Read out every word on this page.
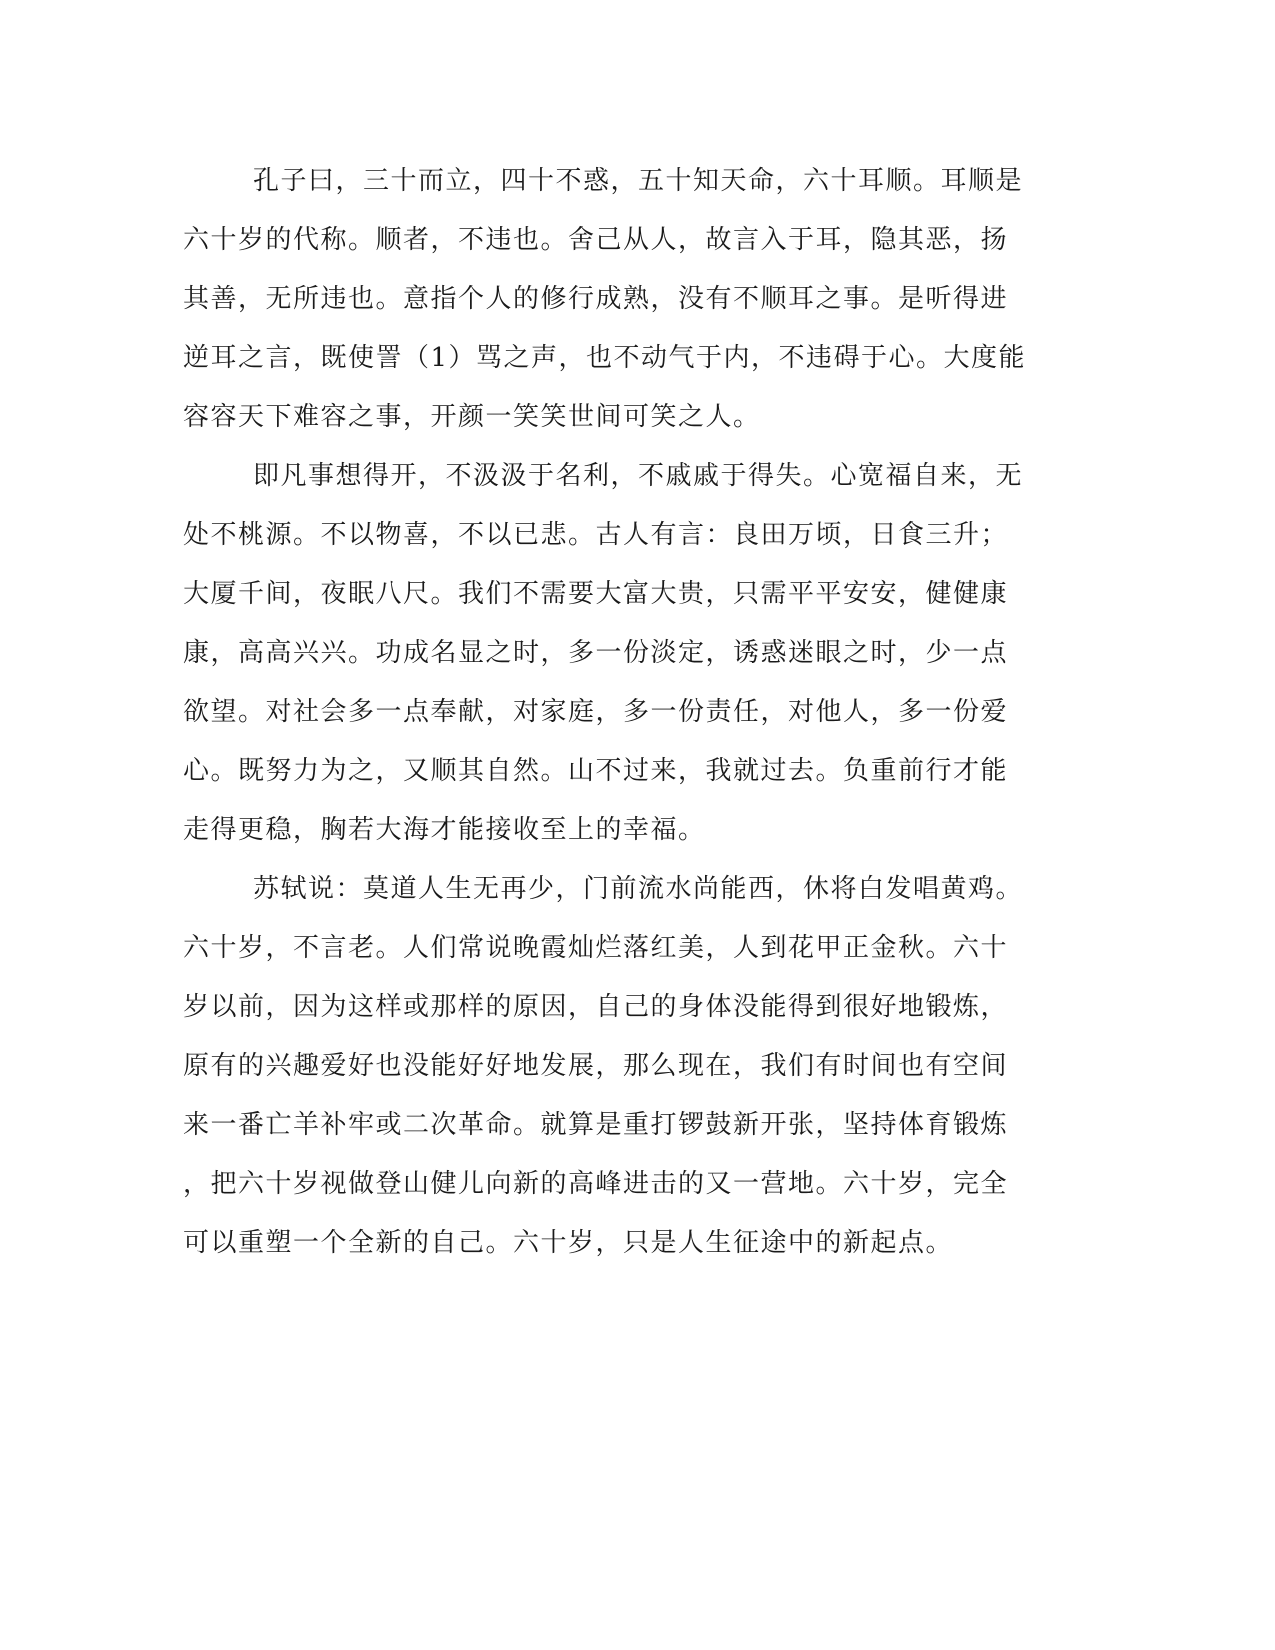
孔子曰，三十而立，四十不惑，五十知天命，六十耳顺。耳顺是
六十岁的代称。顺者，不违也。舍己从人，故言入于耳，隐其恶，扬
其善，无所违也。意指个人的修行成熟，没有不顺耳之事。是听得进
逆耳之言，既使詈（1）骂之声，也不动气于内，不违碍于心。大度能
容容天下难容之事，开颜一笑笑世间可笑之人。
即凡事想得开，不汲汲于名利，不戚戚于得失。心宽福自来，无
处不桃源。不以物喜，不以已悲。古人有言：良田万顷，日食三升；
大厦千间，夜眠八尺。我们不需要大富大贵，只需平平安安，健健康
康，高高兴兴。功成名显之时，多一份淡定，诱惑迷眼之时，少一点
欲望。对社会多一点奉献，对家庭，多一份责任，对他人，多一份爱
心。既努力为之，又顺其自然。山不过来，我就过去。负重前行才能
走得更稳，胸若大海才能接收至上的幸福。
苏轼说：莫道人生无再少，门前流水尚能西，休将白发唱黄鸡。
六十岁，不言老。人们常说晚霞灿烂落红美，人到花甲正金秋。六十
岁以前，因为这样或那样的原因，自己的身体没能得到很好地锻炼，
原有的兴趣爱好也没能好好地发展，那么现在，我们有时间也有空间
来一番亡羊补牢或二次革命。就算是重打锣鼓新开张，坚持体育锻炼
，把六十岁视做登山健儿向新的高峰进击的又一营地。六十岁，完全
可以重塑一个全新的自己。六十岁，只是人生征途中的新起点。
